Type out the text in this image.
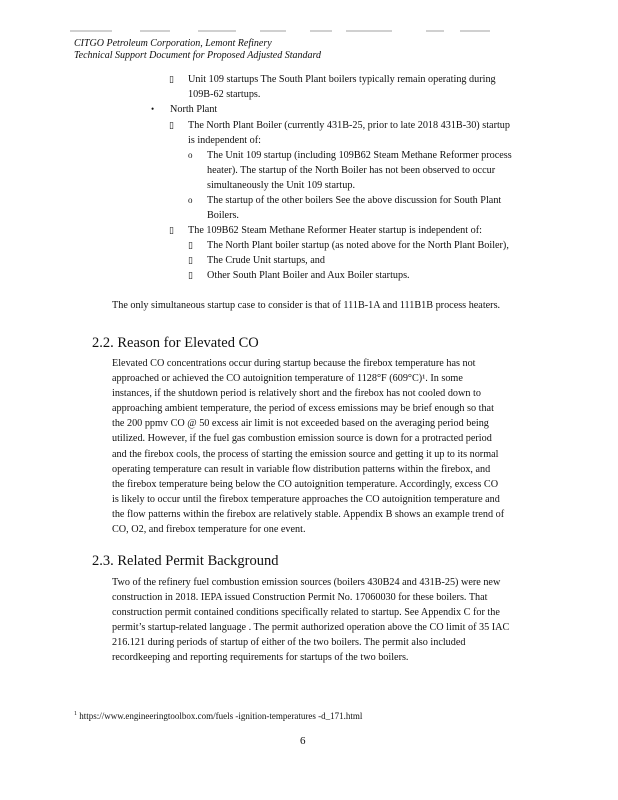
CITGO Petroleum Corporation, Lemont Refinery
Technical Support Document for Proposed Adjusted Standard
▯ Unit 109 startups The South Plant boilers typically remain operating during
109B-62 startups.
• North Plant
▯ The North Plant Boiler (currently 431B-25, prior to late 2018 431B-30) startup
is independent of:
o The Unit 109 startup (including 109B62 Steam Methane Reformer process
heater). The startup of the North Boiler has not been observed to occur
simultaneously the Unit 109 startup.
o The startup of the other boilers See the above discussion for South Plant
Boilers.
▯ The 109B62 Steam Methane Reformer Heater startup is independent of:
▯ The North Plant boiler startup (as noted above for the North Plant Boiler),
▯ The Crude Unit startups, and
▯ Other South Plant Boiler and Aux Boiler startups.
The only simultaneous startup case to consider is that of 111B-1A and 111B1B process heaters.
2.2. Reason for Elevated CO
Elevated CO concentrations occur during startup because the firebox temperature has not
approached or achieved the CO autoignition temperature of 1128°F (609°C)¹. In some
instances, if the shutdown period is relatively short and the firebox has not cooled down to
approaching ambient temperature, the period of excess emissions may be brief enough so that
the 200 ppmv CO @ 50 excess air limit is not exceeded based on the averaging period being
utilized. However, if the fuel gas combustion emission source is down for a protracted period
and the firebox cools, the process of starting the emission source and getting it up to its normal
operating temperature can result in variable flow distribution patterns within the firebox, and
the firebox temperature being below the CO autoignition temperature. Accordingly, excess CO
is likely to occur until the firebox temperature approaches the CO autoignition temperature and
the flow patterns within the firebox are relatively stable. Appendix B shows an example trend of
CO, O2, and firebox temperature for one event.
2.3. Related Permit Background
Two of the refinery fuel combustion emission sources (boilers 430B24 and 431B-25) were new
construction in 2018. IEPA issued Construction Permit No. 17060030 for these boilers. That
construction permit contained conditions specifically related to startup. See Appendix C for the
permit’s startup-related language . The permit authorized operation above the CO limit of 35 IAC
216.121 during periods of startup of either of the two boilers. The permit also included
recordkeeping and reporting requirements for startups of the two boilers.
$^1$ https://www.engineeringtoolbox.com/fuels -ignition-temperatures -d_171.html
6
